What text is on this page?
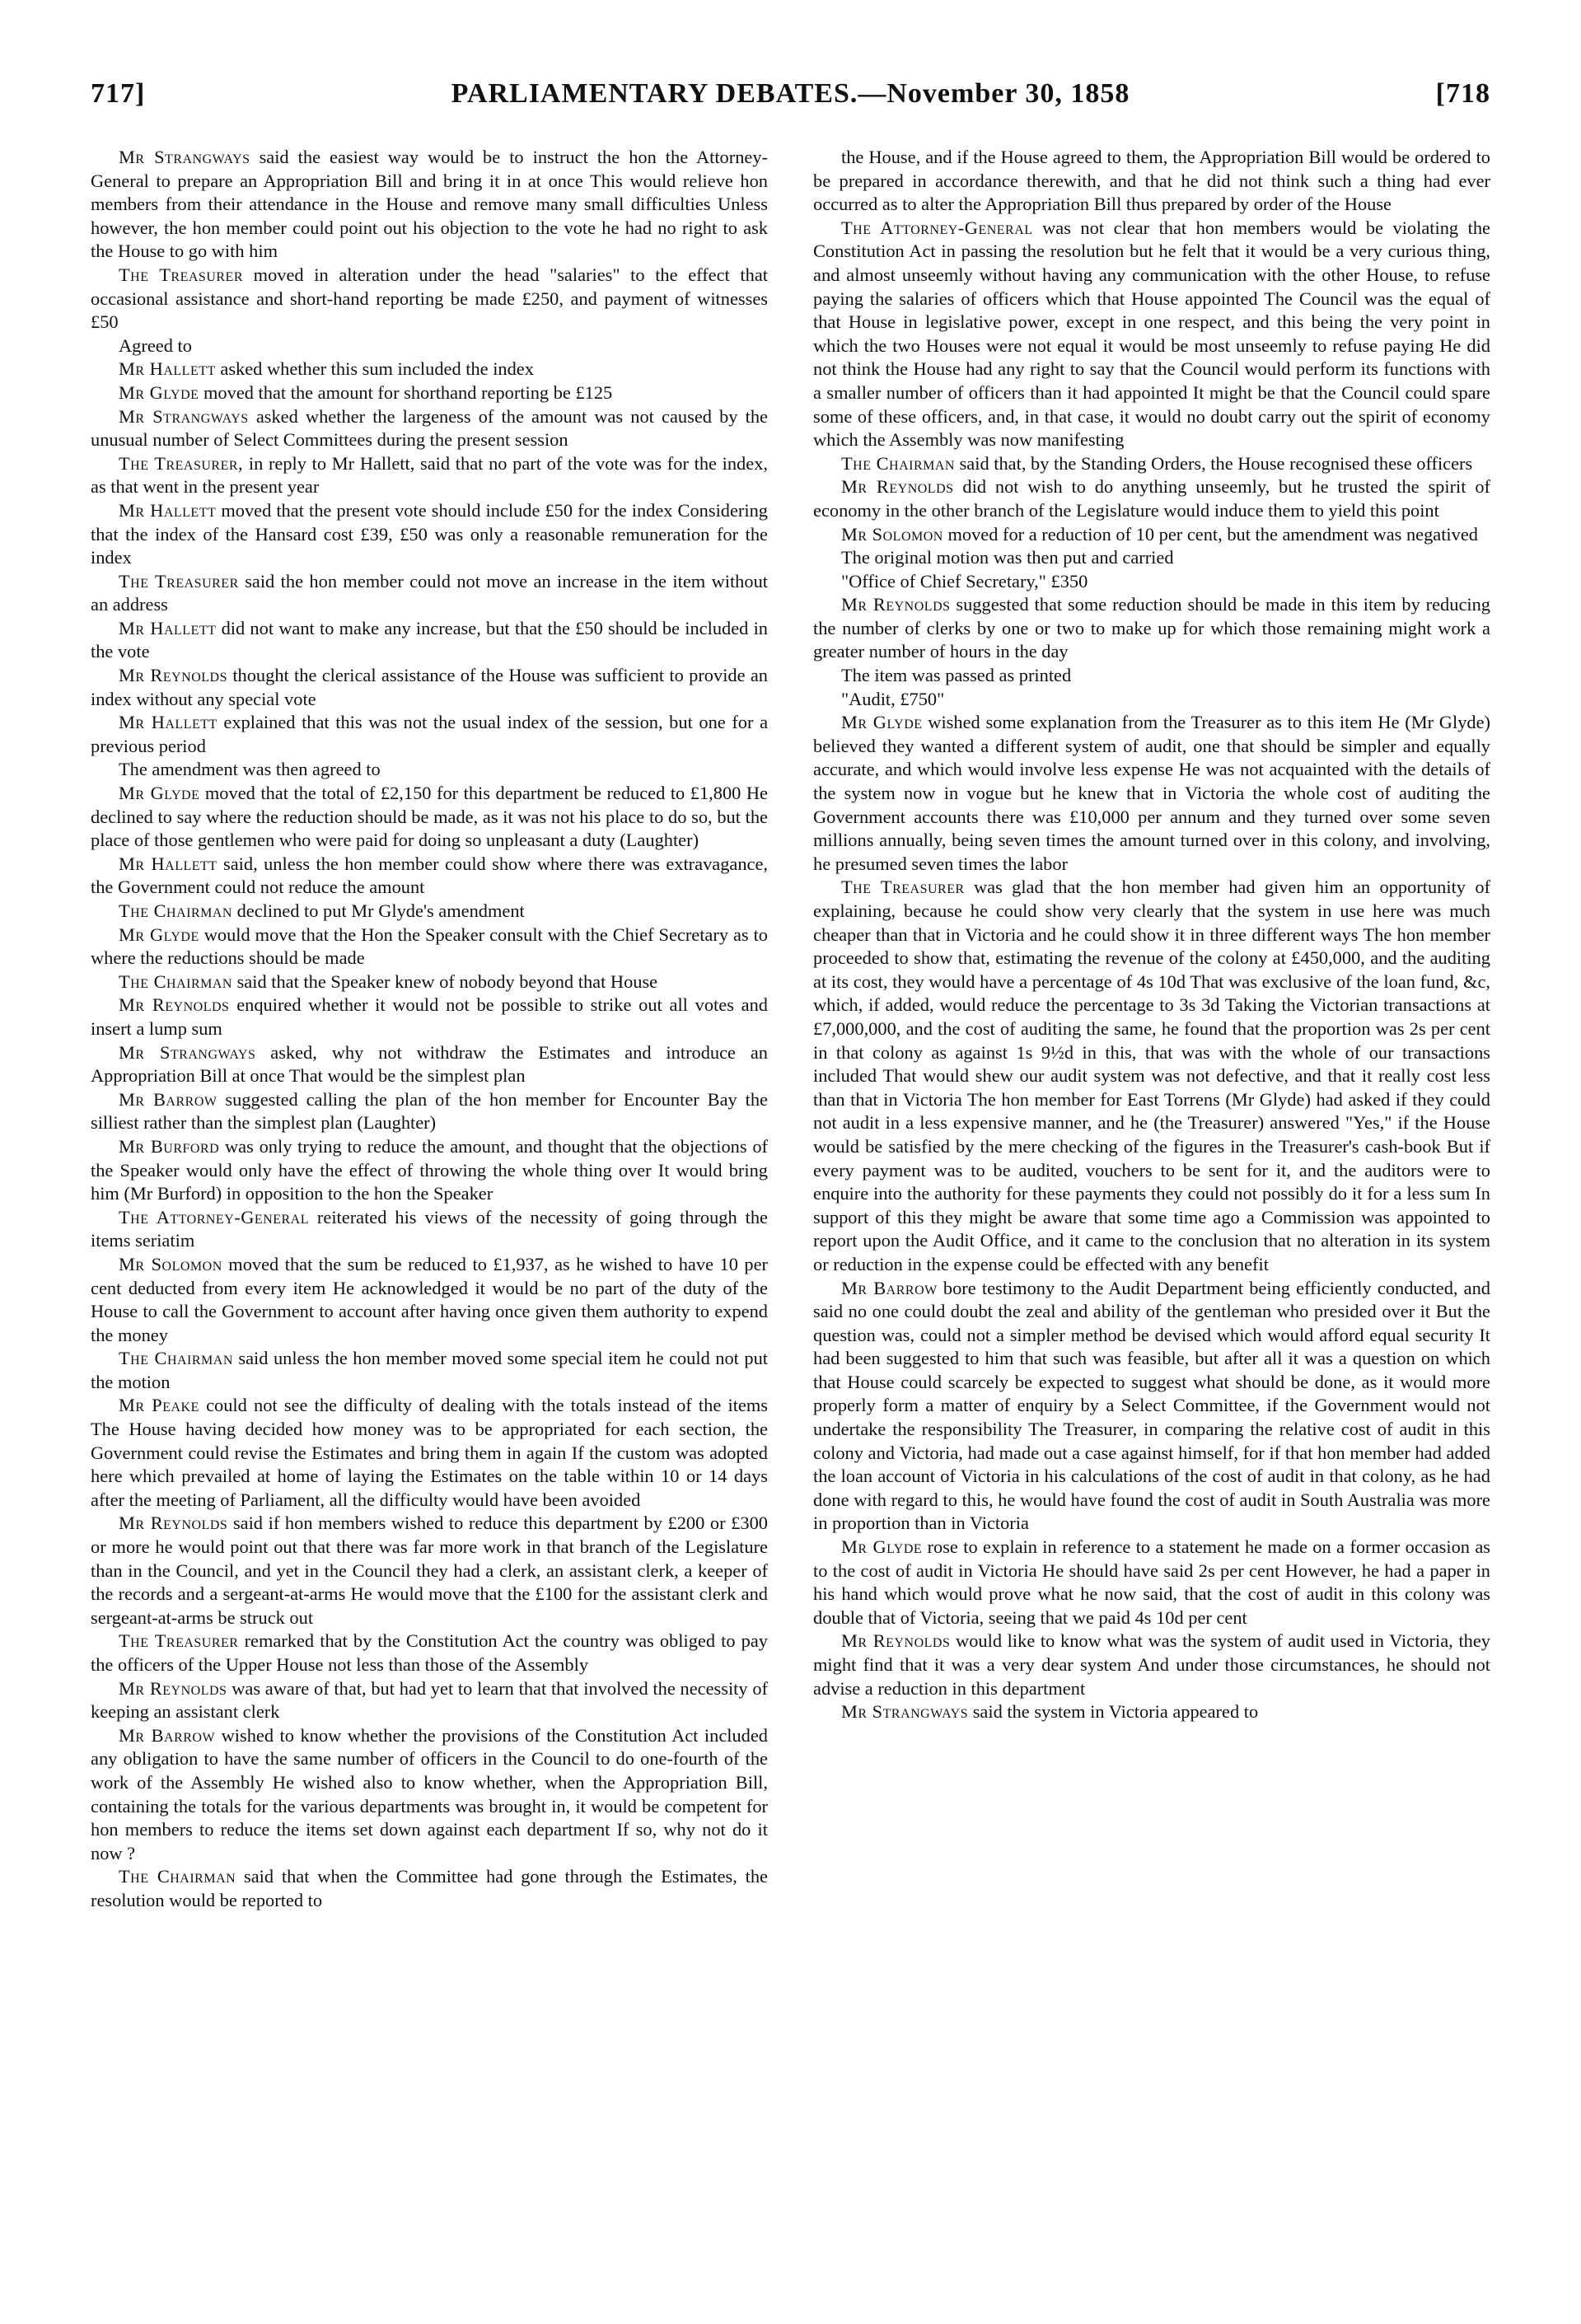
717]	PARLIAMENTARY DEBATES.—November 30, 1858	[718

Mr Strangways said the easiest way would be to instruct the hon the Attorney-General to prepare an Appropriation Bill and bring it in at once This would relieve hon members from their attendance in the House and remove many small difficulties Unless however, the hon member could point out his objection to the vote he had no right to ask the House to go with him

The Treasurer moved in alteration under the head "salaries" to the effect that occasional assistance and short-hand reporting be made £250, and payment of witnesses £50

Agreed to

Mr Hallett asked whether this sum included the index

Mr Glyde moved that the amount for shorthand reporting be £125

Mr Strangways asked whether the largeness of the amount was not caused by the unusual number of Select Committees during the present session

The Treasurer, in reply to Mr Hallett, said that no part of the vote was for the index, as that went in the present year

Mr Hallett moved that the present vote should include £50 for the index Considering that the index of the Hansard cost £39, £50 was only a reasonable remuneration for the index

The Treasurer said the hon member could not move an increase in the item without an address

Mr Hallett did not want to make any increase, but that the £50 should be included in the vote

Mr Reynolds thought the clerical assistance of the House was sufficient to provide an index without any special vote

Mr Hallett explained that this was not the usual index of the session, but one for a previous period

The amendment was then agreed to

Mr Glyde moved that the total of £2,150 for this department be reduced to £1,800 He declined to say where the reduction should be made, as it was not his place to do so, but the place of those gentlemen who were paid for doing so unpleasant a duty (Laughter)

Mr Hallett said, unless the hon member could show where there was extravagance, the Government could not reduce the amount

The Chairman declined to put Mr Glyde's amendment

Mr Glyde would move that the Hon the Speaker consult with the Chief Secretary as to where the reductions should be made

The Chairman said that the Speaker knew of nobody beyond that House

Mr Reynolds enquired whether it would not be possible to strike out all votes and insert a lump sum

Mr Strangways asked, why not withdraw the Estimates and introduce an Appropriation Bill at once That would be the simplest plan

Mr Barrow suggested calling the plan of the hon member for Encounter Bay the silliest rather than the simplest plan (Laughter)

Mr Burford was only trying to reduce the amount, and thought that the objections of the Speaker would only have the effect of throwing the whole thing over It would bring him (Mr Burford) in opposition to the hon the Speaker

The Attorney-General reiterated his views of the necessity of going through the items seriatim

Mr Solomon moved that the sum be reduced to £1,937, as he wished to have 10 per cent deducted from every item He acknowledged it would be no part of the duty of the House to call the Government to account after having once given them authority to expend the money

The Chairman said unless the hon member moved some special item he could not put the motion

Mr Peake could not see the difficulty of dealing with the totals instead of the items The House having decided how money was to be appropriated for each section, the Government could revise the Estimates and bring them in again If the custom was adopted here which prevailed at home of laying the Estimates on the table within 10 or 14 days after the meeting of Parliament, all the difficulty would have been avoided

Mr Reynolds said if hon members wished to reduce this department by £200 or £300 or more he would point out that there was far more work in that branch of the Legislature than in the Council, and yet in the Council they had a clerk, an assistant clerk, a keeper of the records and a sergeant-at-arms He would move that the £100 for the assistant clerk and sergeant-at-arms be struck out

The Treasurer remarked that by the Constitution Act the country was obliged to pay the officers of the Upper House not less than those of the Assembly

Mr Reynolds was aware of that, but had yet to learn that that involved the necessity of keeping an assistant clerk

Mr Barrow wished to know whether the provisions of the Constitution Act included any obligation to have the same number of officers in the Council to do one-fourth of the work of the Assembly He wished also to know whether, when the Appropriation Bill, containing the totals for the various departments was brought in, it would be competent for hon members to reduce the items set down against each department If so, why not do it now ?

The Chairman said that when the Committee had gone through the Estimates, the resolution would be reported to

the House, and if the House agreed to them, the Appropriation Bill would be ordered to be prepared in accordance therewith, and that he did not think such a thing had ever occurred as to alter the Appropriation Bill thus prepared by order of the House

The Attorney-General was not clear that hon members would be violating the Constitution Act in passing the resolution but he felt that it would be a very curious thing, and almost unseemly without having any communication with the other House, to refuse paying the salaries of officers which that House appointed The Council was the equal of that House in legislative power, except in one respect, and this being the very point in which the two Houses were not equal it would be most unseemly to refuse paying He did not think the House had any right to say that the Council would perform its functions with a smaller number of officers than it had appointed It might be that the Council could spare some of these officers, and, in that case, it would no doubt carry out the spirit of economy which the Assembly was now manifesting

The Chairman said that, by the Standing Orders, the House recognised these officers

Mr Reynolds did not wish to do anything unseemly, but he trusted the spirit of economy in the other branch of the Legislature would induce them to yield this point

Mr Solomon moved for a reduction of 10 per cent, but the amendment was negatived

The original motion was then put and carried

"Office of Chief Secretary," £350

Mr Reynolds suggested that some reduction should be made in this item by reducing the number of clerks by one or two to make up for which those remaining might work a greater number of hours in the day

The item was passed as printed

"Audit, £750"

Mr Glyde wished some explanation from the Treasurer as to this item He (Mr Glyde) believed they wanted a different system of audit, one that should be simpler and equally accurate, and which would involve less expense He was not acquainted with the details of the system now in vogue but he knew that in Victoria the whole cost of auditing the Government accounts there was £10,000 per annum and they turned over some seven millions annually, being seven times the amount turned over in this colony, and involving, he presumed seven times the labor

The Treasurer was glad that the hon member had given him an opportunity of explaining, because he could show very clearly that the system in use here was much cheaper than that in Victoria and he could show it in three different ways The hon member proceeded to show that, estimating the revenue of the colony at £450,000, and the auditing at its cost, they would have a percentage of 4s 10d That was exclusive of the loan fund, &c, which, if added, would reduce the percentage to 3s 3d Taking the Victorian transactions at £7,000,000, and the cost of auditing the same, he found that the proportion was 2s per cent in that colony as against 1s 9½d in this, that was with the whole of our transactions included That would shew our audit system was not defective, and that it really cost less than that in Victoria The hon member for East Torrens (Mr Glyde) had asked if they could not audit in a less expensive manner, and he (the Treasurer) answered "Yes," if the House would be satisfied by the mere checking of the figures in the Treasurer's cash-book But if every payment was to be audited, vouchers to be sent for it, and the auditors were to enquire into the authority for these payments they could not possibly do it for a less sum In support of this they might be aware that some time ago a Commission was appointed to report upon the Audit Office, and it came to the conclusion that no alteration in its system or reduction in the expense could be effected with any benefit

Mr Barrow bore testimony to the Audit Department being efficiently conducted, and said no one could doubt the zeal and ability of the gentleman who presided over it But the question was, could not a simpler method be devised which would afford equal security It had been suggested to him that such was feasible, but after all it was a question on which that House could scarcely be expected to suggest what should be done, as it would more properly form a matter of enquiry by a Select Committee, if the Government would not undertake the responsibility The Treasurer, in comparing the relative cost of audit in this colony and Victoria, had made out a case against himself, for if that hon member had added the loan account of Victoria in his calculations of the cost of audit in that colony, as he had done with regard to this, he would have found the cost of audit in South Australia was more in proportion than in Victoria

Mr Glyde rose to explain in reference to a statement he made on a former occasion as to the cost of audit in Victoria He should have said 2s per cent However, he had a paper in his hand which would prove what he now said, that the cost of audit in this colony was double that of Victoria, seeing that we paid 4s 10d per cent

Mr Reynolds would like to know what was the system of audit used in Victoria, they might find that it was a very dear system And under those circumstances, he should not advise a reduction in this department

Mr Strangways said the system in Victoria appeared to
